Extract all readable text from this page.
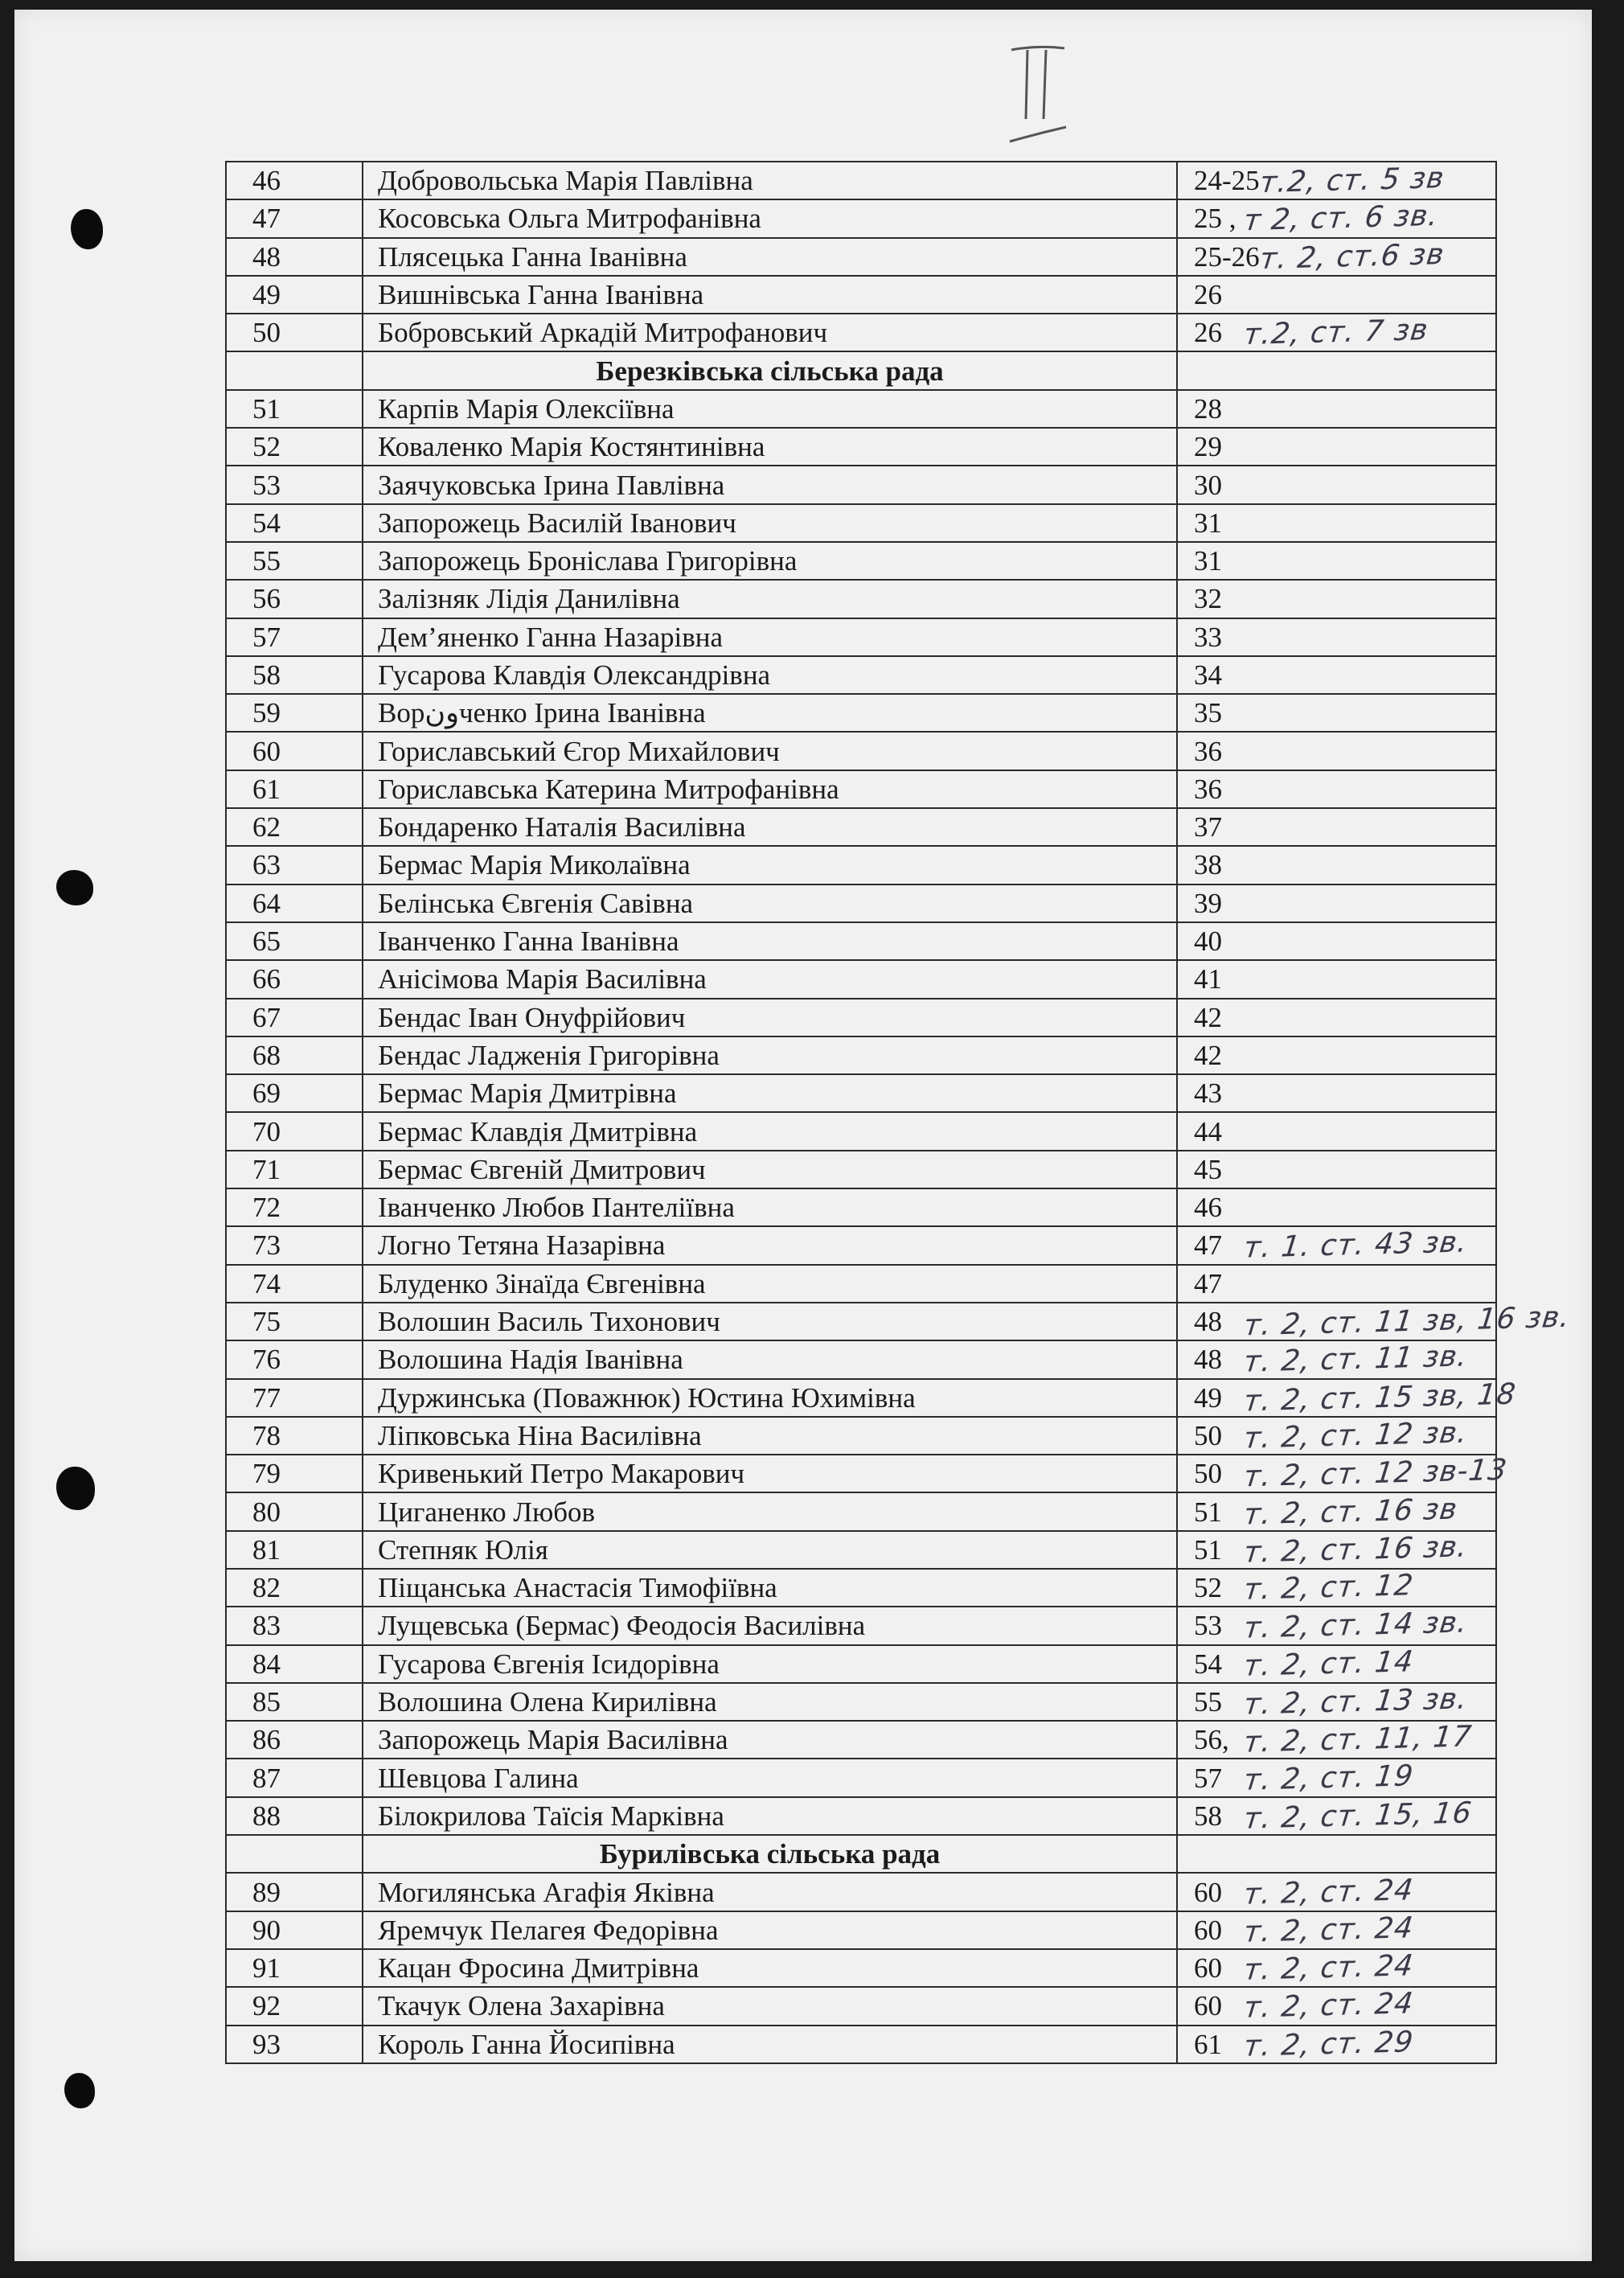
46	Добровольська Марія Павлівна	24-25т.2, ст. 5 зв
47	Косовська Ольга Митрофанівна	25 , т 2, ст. 6 зв.
48	Плясецька Ганна Іванівна	25-26т. 2, ст.6 зв
49	Вишнівська Ганна Іванівна	26
50	Бобровський Аркадій Митрофанович	26 т.2, ст. 7 зв
	Березківська сільська рада	
51	Карпів Марія Олексіївна	28
52	Коваленко Марія Костянтинівна	29
53	Заячуковська Ірина Павлівна	30
54	Запорожець Василій Іванович	31
55	Запорожець Броніслава Григорівна	31
56	Залізняк Лідія Данилівна	32
57	Дем’яненко Ганна Назарівна	33
58	Гусарова Клавдія Олександрівна	34
59	Ворونченко Ірина Іванівна	35
60	Гориславський Єгор Михайлович	36
61	Гориславська Катерина Митрофанівна	36
62	Бондаренко Наталія Василівна	37
63	Бермас Марія Миколаївна	38
64	Белінська Євгенія Савівна	39
65	Іванченко Ганна Іванівна	40
66	Анісімова Марія Василівна	41
67	Бендас Іван Онуфрійович	42
68	Бендас Ладженія Григорівна	42
69	Бермас Марія Дмитрівна	43
70	Бермас Клавдія Дмитрівна	44
71	Бермас Євгеній Дмитрович	45
72	Іванченко Любов Пантеліївна	46
73	Логно Тетяна Назарівна	47 т. 1. ст. 43 зв.
74	Блуденко Зінаїда Євгенівна	47
75	Волошин Василь Тихонович	48 т. 2, ст. 11 зв, 16 зв.
76	Волошина Надія Іванівна	48 т. 2, ст. 11 зв.
77	Дуржинська (Поважнюк) Юстина Юхимівна	49 т. 2, ст. 15 зв, 18
78	Ліпковська Ніна Василівна	50 т. 2, ст. 12 зв.
79	Кривенький Петро Макарович	50 т. 2, ст. 12 зв-13
80	Циганенко Любов	51 т. 2, ст. 16 зв
81	Степняк Юлія	51 т. 2, ст. 16 зв.
82	Піщанська Анастасія Тимофіївна	52 т. 2, ст. 12
83	Лущевська (Бермас) Феодосія Василівна	53 т. 2, ст. 14 зв.
84	Гусарова Євгенія Ісидорівна	54 т. 2, ст. 14
85	Волошина Олена Кирилівна	55 т. 2, ст. 13 зв.
86	Запорожець Марія Василівна	56, т. 2, ст. 11, 17
87	Шевцова Галина	57 т. 2, ст. 19
88	Білокрилова Таїсія Марківна	58 т. 2, ст. 15, 16
	Бурилівська сільська рада	
89	Могилянська Агафія Яківна	60 т. 2, ст. 24
90	Яремчук Пелагея Федорівна	60 т. 2, ст. 24
91	Кацан Фросина Дмитрівна	60 т. 2, ст. 24
92	Ткачук Олена Захарівна	60 т. 2, ст. 24
93	Король Ганна Йосипівна	61 т. 2, ст. 29
